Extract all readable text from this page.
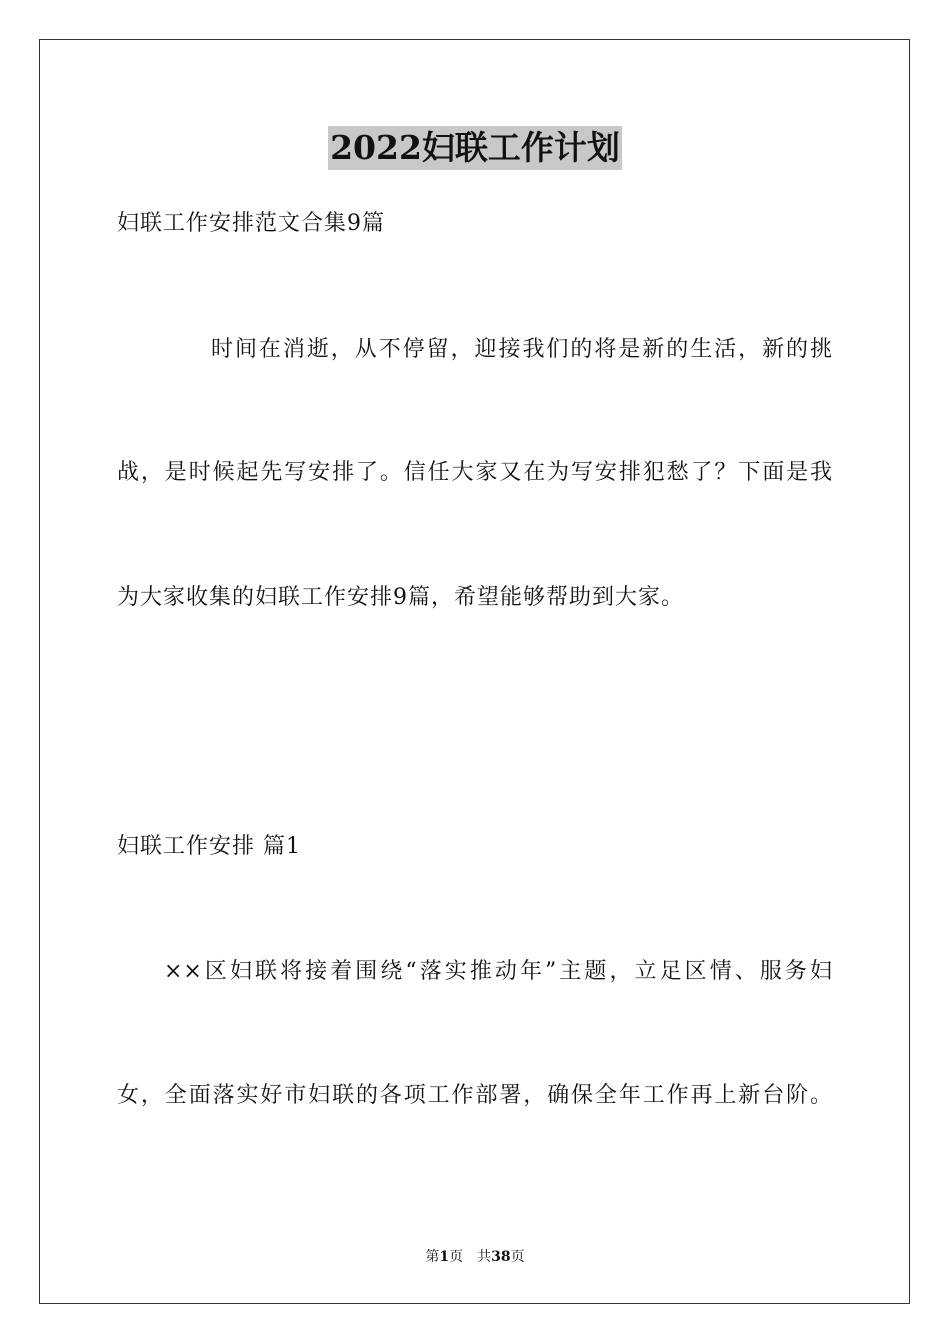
2022妇联工作计划
妇联工作安排范文合集9篇
时间在消逝，从不停留，迎接我们的将是新的生活，新的挑
战，是时候起先写安排了。信任大家又在为写安排犯愁了？下面是我
为大家收集的妇联工作安排9篇，希望能够帮助到大家。
妇联工作安排 篇1
××区妇联将接着围绕“落实推动年”主题，立足区情、服务妇
女，全面落实好市妇联的各项工作部署，确保全年工作再上新台阶。
第1页 共38页
